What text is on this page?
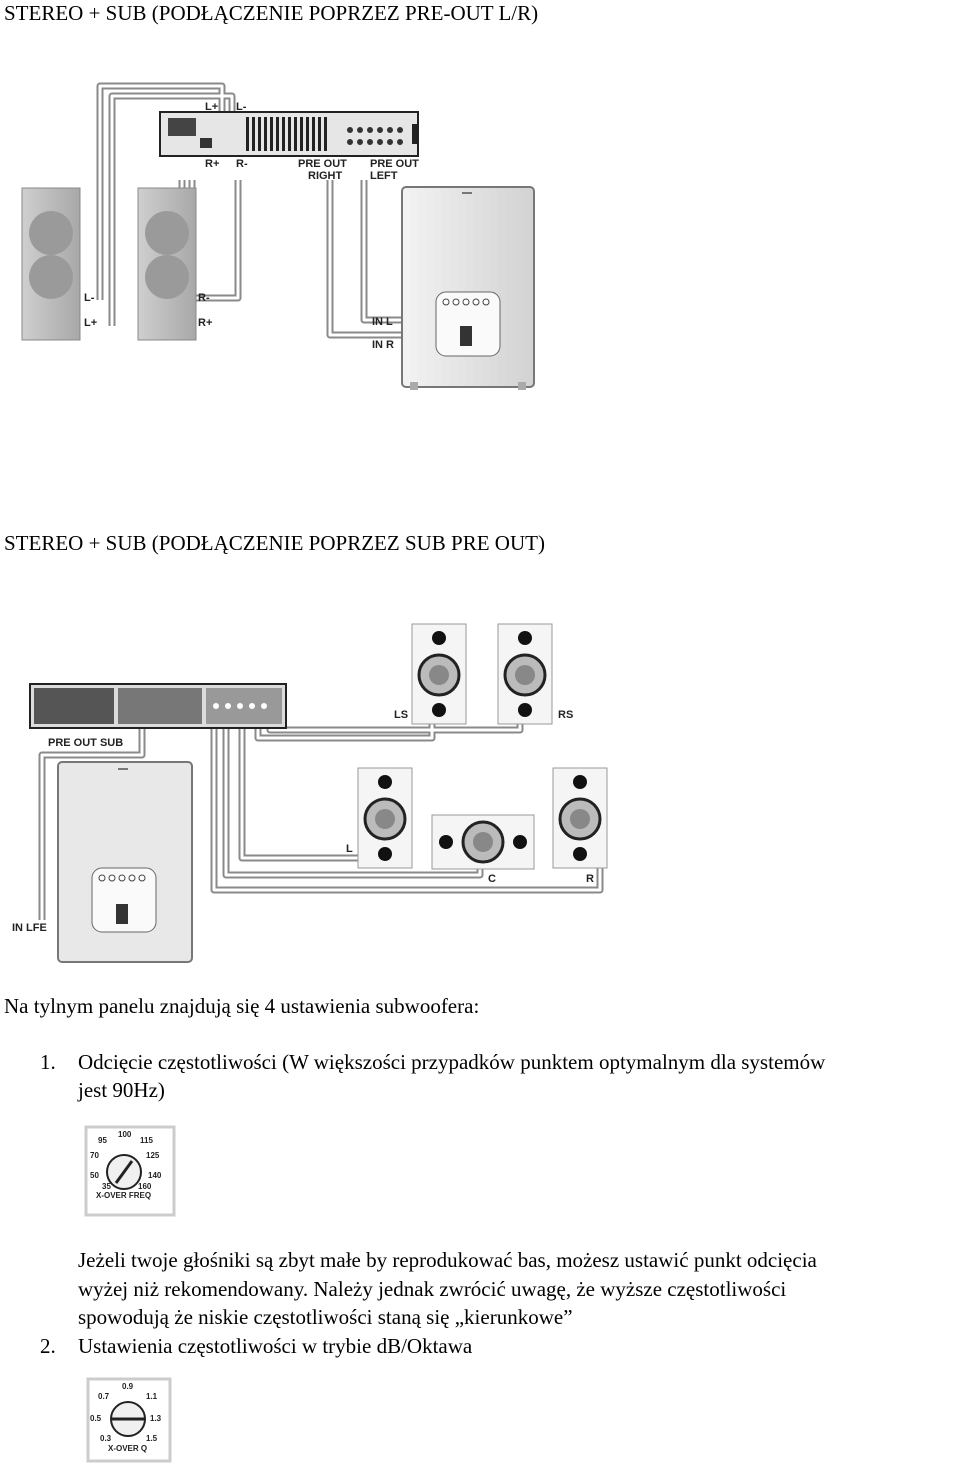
STEREO + SUB (PODŁĄCZENIE POPRZEZ PRE-OUT L/R)
L+ L-
R+ R-	PRE OUT
RIGHT
PRE OUT
LEFT
L-
L+
R-
R+	IN L
IN R
STEREO + SUB (PODŁĄCZENIE POPRZEZ SUB PRE OUT)
PRE OUT SUB
LS	RS
L
C	R
IN LFE
Na tylnym panelu znajdują się 4 ustawienia subwoofera:
1. Odcięcie częstotliwości (W większości przypadków punktem optymalnym dla systemów
jest 90Hz)
100
95	115
70	125
50	140
35	160
X-OVER FREQ
Jeżeli twoje głośniki są zbyt małe by reprodukować bas, możesz ustawić punkt odcięcia
wyżej niż rekomendowany. Należy jednak zwrócić uwagę, że wyższe częstotliwości
spowodują że niskie częstotliwości staną się „kierunkowe”
2. Ustawienia częstotliwości w trybie dB/Oktawa
0.9
0.7	1.1
0.5	1.3
0.3	1.5
X-OVER Q
